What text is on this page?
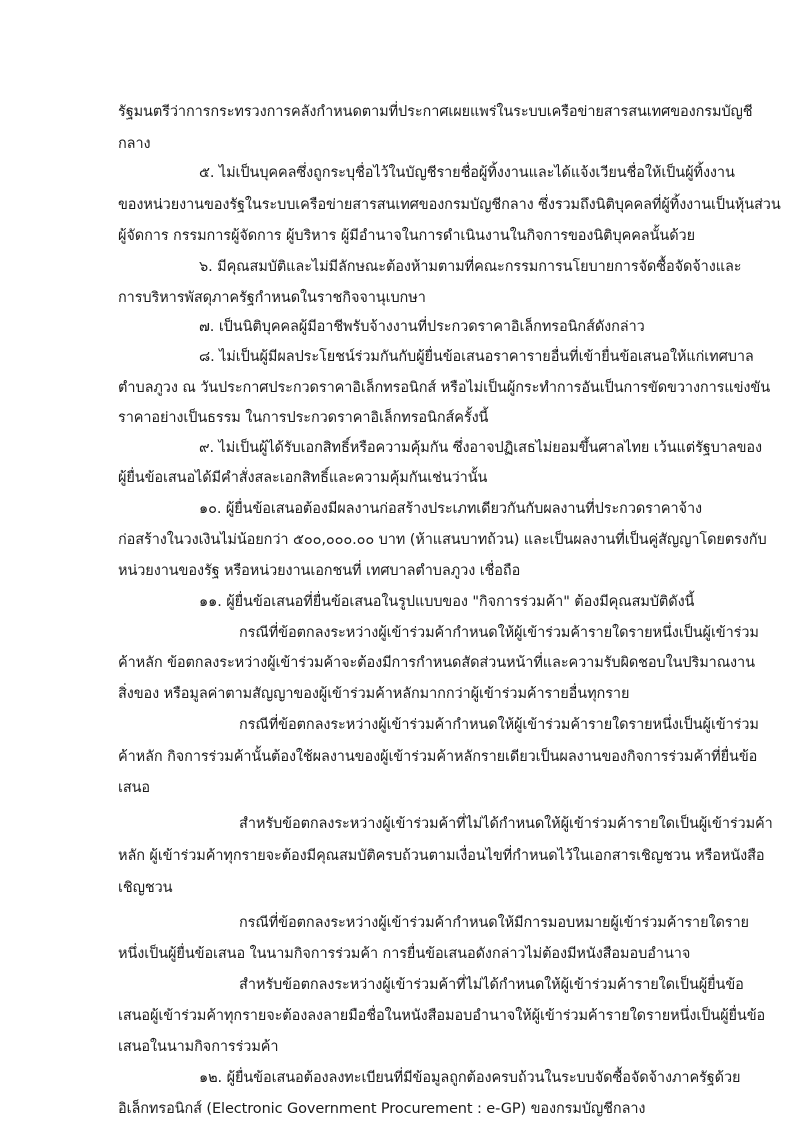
รัฐมนตรีว่าการกระทรวงการคลังกำหนดตามที่ประกาศเผยแพร่ในระบบเครือข่ายสารสนเทศของกรมบัญชี
กลาง
๕. ไม่เป็นบุคคลซึ่งถูกระบุชื่อไว้ในบัญชีรายชื่อผู้ทิ้งงานและได้แจ้งเวียนชื่อให้เป็นผู้ทิ้งงาน
ของหน่วยงานของรัฐในระบบเครือข่ายสารสนเทศของกรมบัญชีกลาง ซึ่งรวมถึงนิติบุคคลที่ผู้ทิ้งงานเป็นหุ้นส่วน
ผู้จัดการ กรรมการผู้จัดการ ผู้บริหาร ผู้มีอำนาจในการดำเนินงานในกิจการของนิติบุคคลนั้นด้วย
๖. มีคุณสมบัติและไม่มีลักษณะต้องห้ามตามที่คณะกรรมการนโยบายการจัดซื้อจัดจ้างและ
การบริหารพัสดุภาครัฐกำหนดในราชกิจจานุเบกษา
๗. เป็นนิติบุคคลผู้มีอาชีพรับจ้างงานที่ประกวดราคาอิเล็กทรอนิกส์ดังกล่าว
๘. ไม่เป็นผู้มีผลประโยชน์ร่วมกันกับผู้ยื่นข้อเสนอราคารายอื่นที่เข้ายื่นข้อเสนอให้แก่เทศบาล
ตำบลภูวง ณ วันประกาศประกวดราคาอิเล็กทรอนิกส์ หรือไม่เป็นผู้กระทำการอันเป็นการขัดขวางการแข่งขัน
ราคาอย่างเป็นธรรม ในการประกวดราคาอิเล็กทรอนิกส์ครั้งนี้
๙. ไม่เป็นผู้ได้รับเอกสิทธิ์หรือความคุ้มกัน ซึ่งอาจปฏิเสธไม่ยอมขึ้นศาลไทย เว้นแต่รัฐบาลของ
ผู้ยื่นข้อเสนอได้มีคำสั่งสละเอกสิทธิ์และความคุ้มกันเช่นว่านั้น
๑๐. ผู้ยื่นข้อเสนอต้องมีผลงานก่อสร้างประเภทเดียวกันกับผลงานที่ประกวดราคาจ้าง
ก่อสร้างในวงเงินไม่น้อยกว่า ๕๐๐,๐๐๐.๐๐ บาท (ห้าแสนบาทถ้วน) และเป็นผลงานที่เป็นคู่สัญญาโดยตรงกับ
หน่วยงานของรัฐ หรือหน่วยงานเอกชนที่ เทศบาลตำบลภูวง เชื่อถือ
๑๑. ผู้ยื่นข้อเสนอที่ยื่นข้อเสนอในรูปแบบของ "กิจการร่วมค้า" ต้องมีคุณสมบัติดังนี้
กรณีที่ข้อตกลงระหว่างผู้เข้าร่วมค้ากำหนดให้ผู้เข้าร่วมค้ารายใดรายหนึ่งเป็นผู้เข้าร่วม
ค้าหลัก ข้อตกลงระหว่างผู้เข้าร่วมค้าจะต้องมีการกำหนดสัดส่วนหน้าที่และความรับผิดชอบในปริมาณงาน
สิ่งของ หรือมูลค่าตามสัญญาของผู้เข้าร่วมค้าหลักมากกว่าผู้เข้าร่วมค้ารายอื่นทุกราย
กรณีที่ข้อตกลงระหว่างผู้เข้าร่วมค้ากำหนดให้ผู้เข้าร่วมค้ารายใดรายหนึ่งเป็นผู้เข้าร่วม
ค้าหลัก กิจการร่วมค้านั้นต้องใช้ผลงานของผู้เข้าร่วมค้าหลักรายเดียวเป็นผลงานของกิจการร่วมค้าที่ยื่นข้อ
เสนอ
สำหรับข้อตกลงระหว่างผู้เข้าร่วมค้าที่ไม่ได้กำหนดให้ผู้เข้าร่วมค้ารายใดเป็นผู้เข้าร่วมค้า
หลัก ผู้เข้าร่วมค้าทุกรายจะต้องมีคุณสมบัติครบถ้วนตามเงื่อนไขที่กำหนดไว้ในเอกสารเชิญชวน หรือหนังสือ
เชิญชวน
กรณีที่ข้อตกลงระหว่างผู้เข้าร่วมค้ากำหนดให้มีการมอบหมายผู้เข้าร่วมค้ารายใดราย
หนึ่งเป็นผู้ยื่นข้อเสนอ ในนามกิจการร่วมค้า การยื่นข้อเสนอดังกล่าวไม่ต้องมีหนังสือมอบอำนาจ
สำหรับข้อตกลงระหว่างผู้เข้าร่วมค้าที่ไม่ได้กำหนดให้ผู้เข้าร่วมค้ารายใดเป็นผู้ยื่นข้อ
เสนอผู้เข้าร่วมค้าทุกรายจะต้องลงลายมือชื่อในหนังสือมอบอำนาจให้ผู้เข้าร่วมค้ารายใดรายหนึ่งเป็นผู้ยื่นข้อ
เสนอในนามกิจการร่วมค้า
๑๒. ผู้ยื่นข้อเสนอต้องลงทะเบียนที่มีข้อมูลถูกต้องครบถ้วนในระบบจัดซื้อจัดจ้างภาครัฐด้วย
อิเล็กทรอนิกส์ (Electronic Government Procurement : e-GP) ของกรมบัญชีกลาง
